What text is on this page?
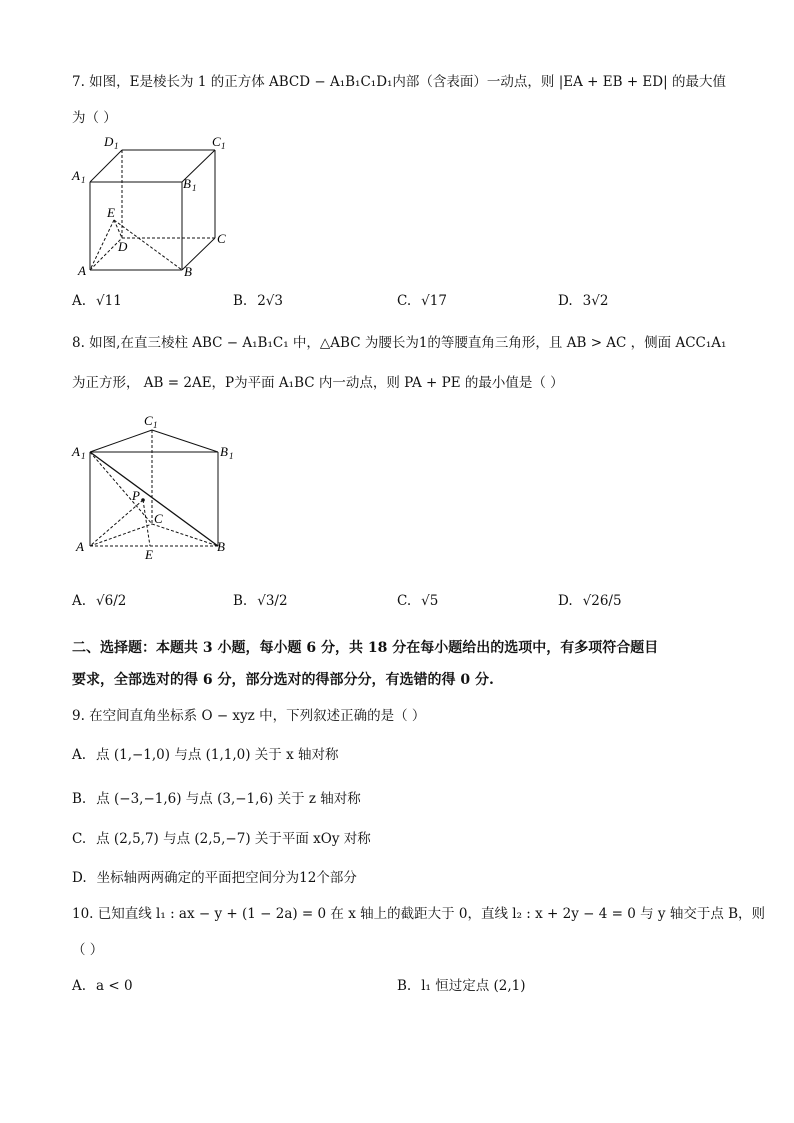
7. 如图，E是棱长为 1 的正方体 ABCD − A₁B₁C₁D₁内部（含表面）一动点，则 |EA + EB + ED| 的最大值
为（ ）
D 1	C 1
A 1	B 1
E
D
C
A	B
A. √11	B. 2√3	C. √17	D. 3√2
8. 如图,在直三棱柱 ABC − A₁B₁C₁ 中，△ABC 为腰长为1的等腰直角三角形，且 AB > AC ，侧面 ACC₁A₁
为正方形， AB = 2AE，P为平面 A₁BC 内一动点，则 PA + PE 的最小值是（ ）
C 1
A 1	B 1
P
C
A
E
B
A. √6/2	B. √3/2	C. √5	D. √26/5
二、选择题：本题共 3 小题，每小题 6 分，共 18 分在每小题给出的选项中，有多项符合题目
要求，全部选对的得 6 分，部分选对的得部分分，有选错的得 0 分.
9. 在空间直角坐标系 O − xyz 中，下列叙述正确的是（ ）
A. 点 (1,−1,0) 与点 (1,1,0) 关于 x 轴对称
B. 点 (−3,−1,6) 与点 (3,−1,6) 关于 z 轴对称
C. 点 (2,5,7) 与点 (2,5,−7) 关于平面 xOy 对称
D. 坐标轴两两确定的平面把空间分为12个部分
10. 已知直线 l₁ : ax − y + (1 − 2a) = 0 在 x 轴上的截距大于 0，直线 l₂ : x + 2y − 4 = 0 与 y 轴交于点 B，则
（ ）
A. a < 0	B. l₁ 恒过定点 (2,1)
